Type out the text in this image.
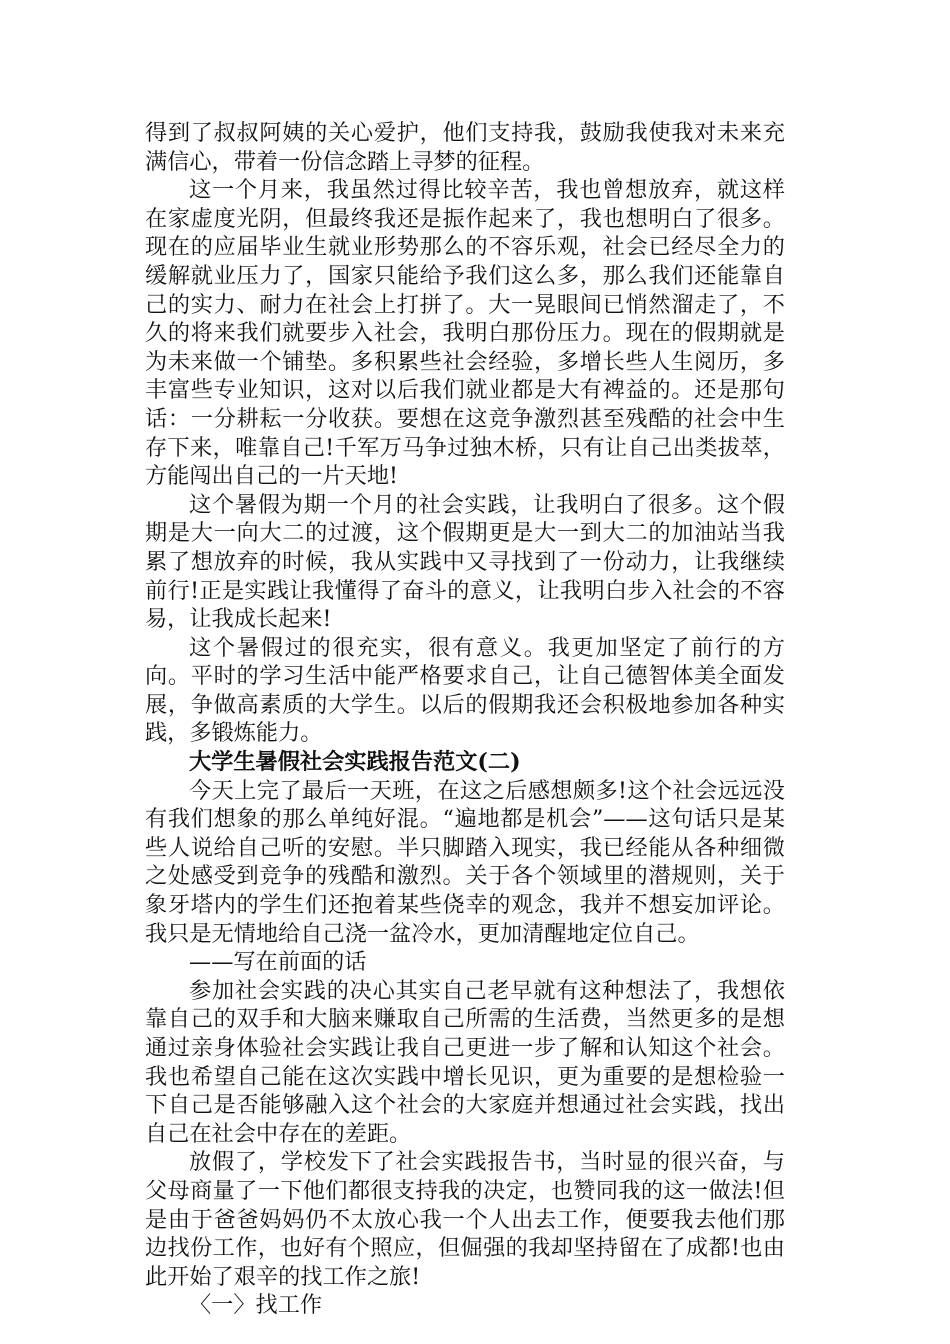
得到了叔叔阿姨的关心爱护，他们支持我，鼓励我使我对未来充满信心，带着一份信念踏上寻梦的征程。

这一个月来，我虽然过得比较辛苦，我也曾想放弃，就这样在家虚度光阴，但最终我还是振作起来了，我也想明白了很多。现在的应届毕业生就业形势那么的不容乐观，社会已经尽全力的缓解就业压力了，国家只能给予我们这么多，那么我们还能靠自己的实力、耐力在社会上打拼了。大一晃眼间已悄然溜走了，不久的将来我们就要步入社会，我明白那份压力。现在的假期就是为未来做一个铺垫。多积累些社会经验，多增长些人生阅历，多丰富些专业知识，这对以后我们就业都是大有裨益的。还是那句话：一分耕耘一分收获。要想在这竞争激烈甚至残酷的社会中生存下来，唯靠自己!千军万马争过独木桥，只有让自己出类拔萃，方能闯出自己的一片天地!

这个暑假为期一个月的社会实践，让我明白了很多。这个假期是大一向大二的过渡，这个假期更是大一到大二的加油站当我累了想放弃的时候，我从实践中又寻找到了一份动力，让我继续前行!正是实践让我懂得了奋斗的意义，让我明白步入社会的不容易，让我成长起来!

这个暑假过的很充实，很有意义。我更加坚定了前行的方向。平时的学习生活中能严格要求自己，让自己德智体美全面发展，争做高素质的大学生。以后的假期我还会积极地参加各种实践，多锻炼能力。

大学生暑假社会实践报告范文(二)

今天上完了最后一天班，在这之后感想颇多!这个社会远远没有我们想象的那么单纯好混。“遍地都是机会”——这句话只是某些人说给自己听的安慰。半只脚踏入现实，我已经能从各种细微之处感受到竞争的残酷和激烈。关于各个领域里的潜规则，关于象牙塔内的学生们还抱着某些侥幸的观念，我并不想妄加评论。我只是无情地给自己浇一盆冷水，更加清醒地定位自己。

——写在前面的话

参加社会实践的决心其实自己老早就有这种想法了，我想依靠自己的双手和大脑来赚取自己所需的生活费，当然更多的是想通过亲身体验社会实践让我自己更进一步了解和认知这个社会。我也希望自己能在这次实践中增长见识，更为重要的是想检验一下自己是否能够融入这个社会的大家庭并想通过社会实践，找出自己在社会中存在的差距。

放假了，学校发下了社会实践报告书，当时显的很兴奋，与父母商量了一下他们都很支持我的决定，也赞同我的这一做法!但是由于爸爸妈妈仍不太放心我一个人出去工作，便要我去他们那边找份工作，也好有个照应，但倔强的我却坚持留在了成都!也由此开始了艰辛的找工作之旅!

〈一〉找工作
